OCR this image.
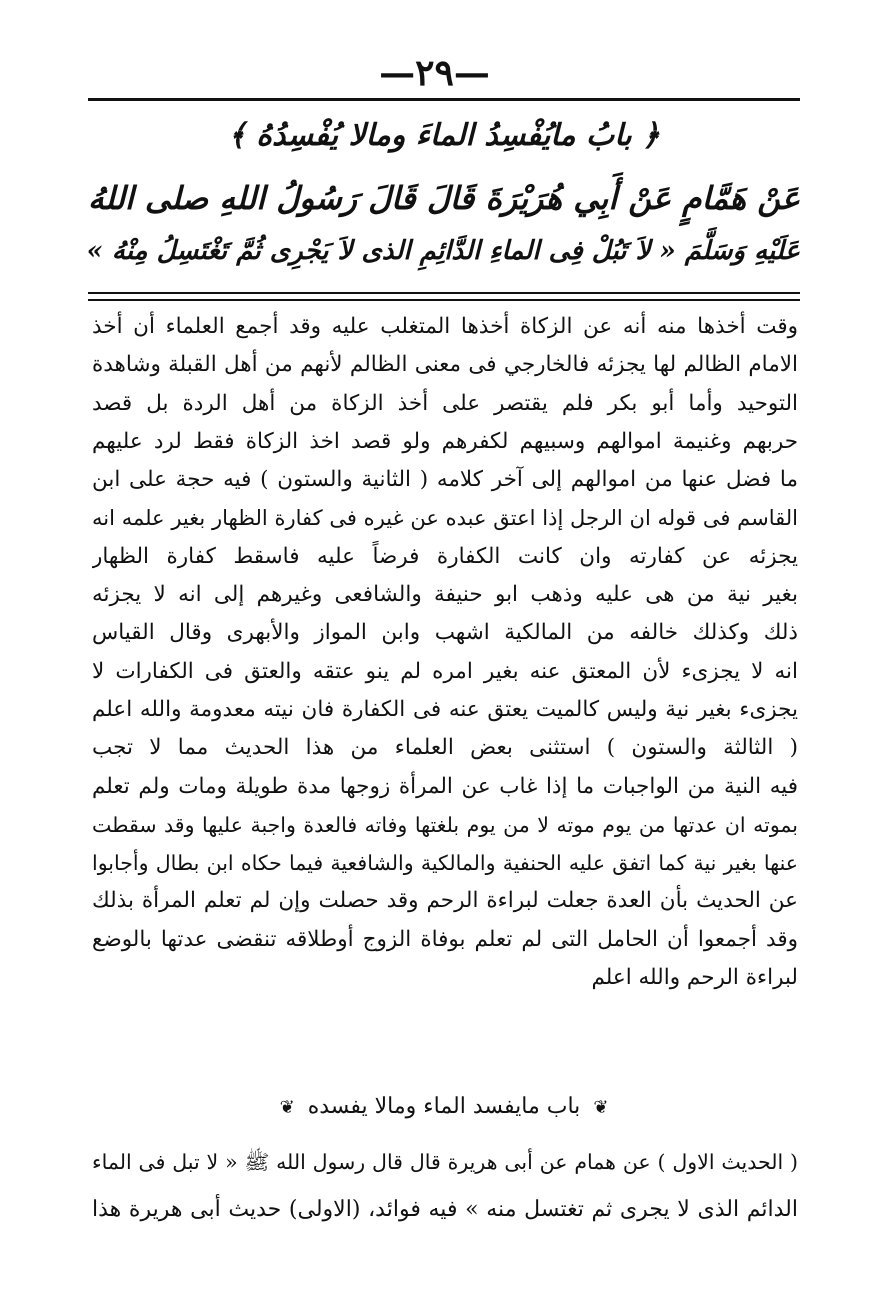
—٢٩—
﴿ بابُ مايُفْسِدُ الماءَ ومالا يُفْسِدُهُ ﴾
عَنْ هَمَّامٍ عَنْ أَبِي هُرَيْرَةَ قَالَ قَالَ رَسُولُ اللهِ صلى اللهُ
عَلَيْهِ وَسَلَّمَ « لاَ تَبُلْ فِى الماءِ الدَّائِمِ الذى لاَ يَجْرِى ثُمَّ تَغْتَسِلُ مِنْهُ »
وقت أخذها منه أنه عن الزكاة أخذها المتغلب عليه وقد أجمع العلماء أن أخذ
الامام الظالم لها يجزئه فالخارجي فى معنى الظالم لأنهم من أهل القبلة وشاهدة
التوحيد وأما أبو بكر فلم يقتصر على أخذ الزكاة من أهل الردة بل قصد
حربهم وغنيمة اموالهم وسبيهم لكفرهم ولو قصد اخذ الزكاة فقط لرد عليهم
ما فضل عنها من اموالهم إلى آخر كلامه ( الثانية والستون ) فيه حجة على ابن
القاسم فى قوله ان الرجل إذا اعتق عبده عن غيره فى كفارة الظهار بغير علمه انه
يجزئه عن كفارته وان كانت الكفارة فرضاً عليه فاسقط كفارة الظهار
بغير نية من هى عليه وذهب ابو حنيفة والشافعى وغيرهم إلى انه لا يجزئه
ذلك وكذلك خالفه من المالكية اشهب وابن المواز والأبهرى وقال القياس
انه لا يجزىء لأن المعتق عنه بغير امره لم ينو عتقه والعتق فى الكفارات لا
يجزىء بغير نية وليس كالميت يعتق عنه فى الكفارة فان نيته معدومة والله اعلم
( الثالثة والستون ) استثنى بعض العلماء من هذا الحديث مما لا تجب
فيه النية من الواجبات ما إذا غاب عن المرأة زوجها مدة طويلة ومات ولم تعلم
بموته ان عدتها من يوم موته لا من يوم بلغتها وفاته فالعدة واجبة عليها وقد سقطت
عنها بغير نية كما اتفق عليه الحنفية والمالكية والشافعية فيما حكاه ابن بطال وأجابوا
عن الحديث بأن العدة جعلت لبراءة الرحم وقد حصلت وإن لم تعلم المرأة بذلك
وقد أجمعوا أن الحامل التى لم تعلم بوفاة الزوج أوطلاقه تنقضى عدتها بالوضع
لبراءة الرحم والله اعلم
❦ باب مايفسد الماء ومالا يفسده ❦
( الحديث الاول ) عن همام عن أبى هريرة قال قال رسول الله ﷺ « لا تبل فى الماء
الدائم الذى لا يجرى ثم تغتسل منه » فيه فوائد، (الاولى) حديث أبى هريرة هذا
